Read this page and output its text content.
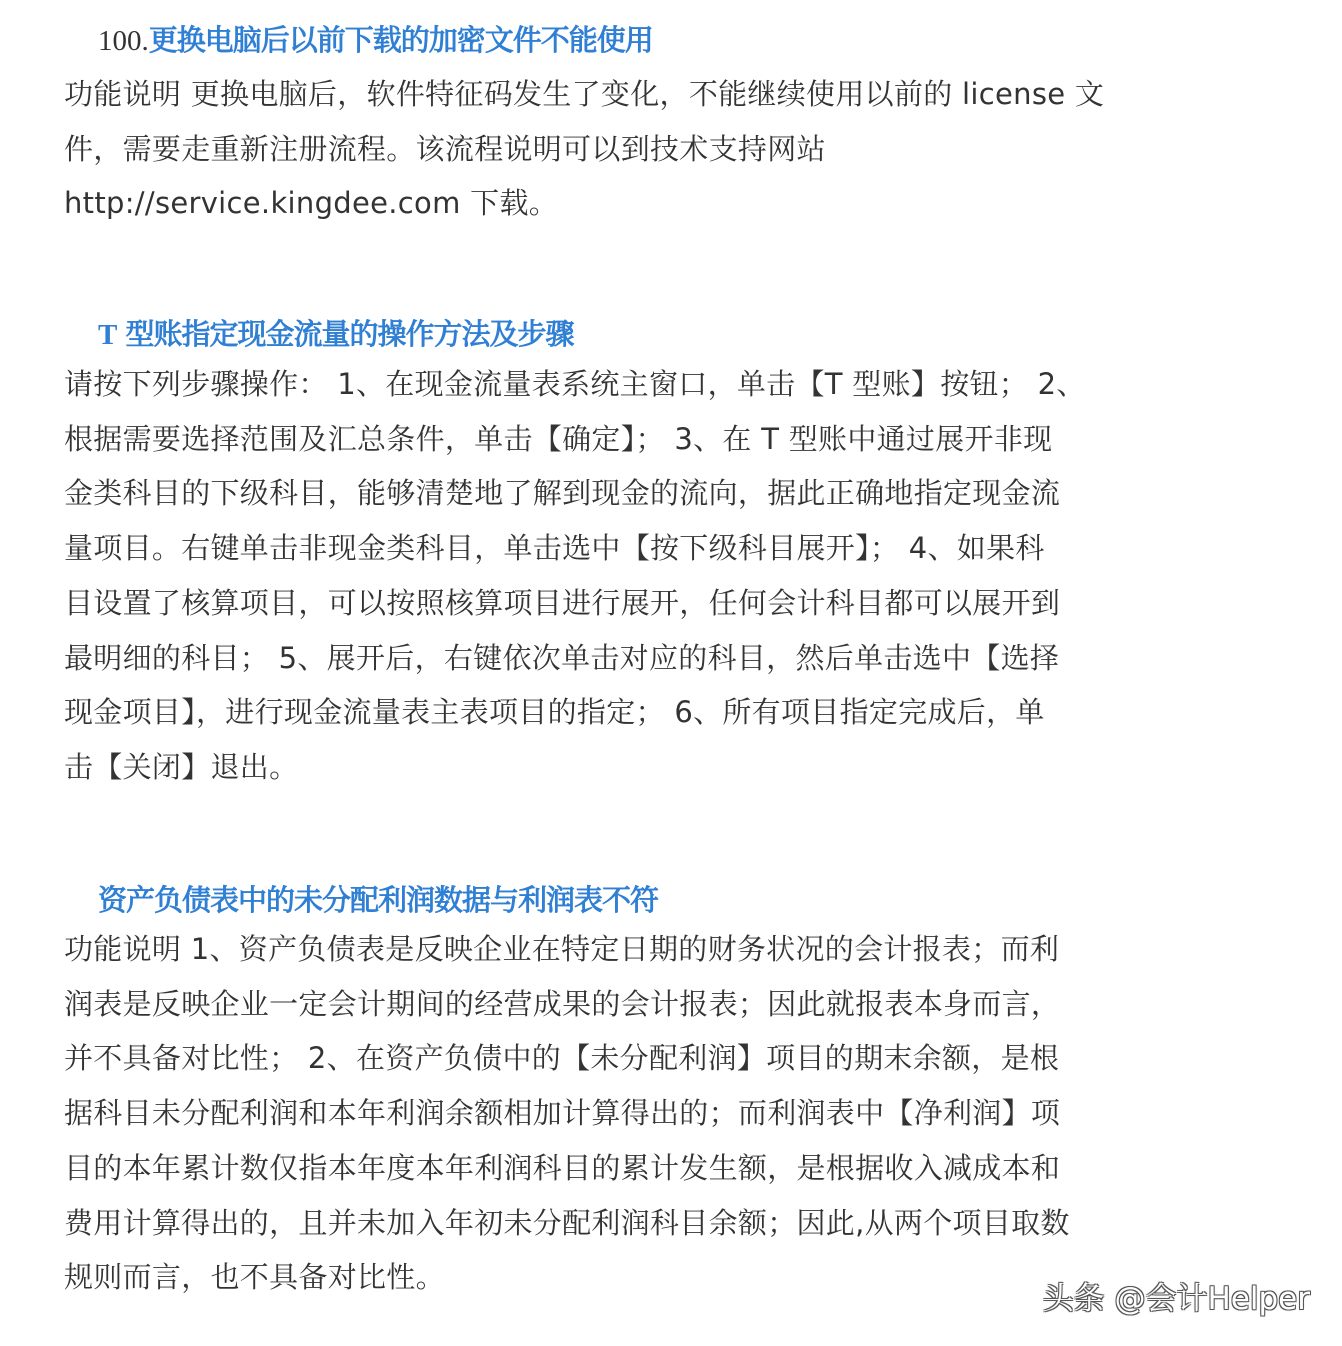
100.更换电脑后以前下载的加密文件不能使用

功能说明 更换电脑后，软件特征码发生了变化，不能继续使用以前的 license 文
件，需要走重新注册流程。该流程说明可以到技术支持网站
http://service.kingdee.com 下载。

T 型账指定现金流量的操作方法及步骤

请按下列步骤操作： 1、在现金流量表系统主窗口，单击【T 型账】按钮； 2、
根据需要选择范围及汇总条件，单击【确定】； 3、在 T 型账中通过展开非现
金类科目的下级科目，能够清楚地了解到现金的流向，据此正确地指定现金流
量项目。右键单击非现金类科目，单击选中【按下级科目展开】； 4、如果科
目设置了核算项目，可以按照核算项目进行展开，任何会计科目都可以展开到
最明细的科目； 5、展开后，右键依次单击对应的科目，然后单击选中【选择
现金项目】，进行现金流量表主表项目的指定； 6、所有项目指定完成后，单
击【关闭】退出。

资产负债表中的未分配利润数据与利润表不符

功能说明 1、资产负债表是反映企业在特定日期的财务状况的会计报表；而利
润表是反映企业一定会计期间的经营成果的会计报表；因此就报表本身而言，
并不具备对比性； 2、在资产负债中的【未分配利润】项目的期末余额，是根
据科目未分配利润和本年利润余额相加计算得出的；而利润表中【净利润】项
目的本年累计数仅指本年度本年利润科目的累计发生额，是根据收入减成本和
费用计算得出的，且并未加入年初未分配利润科目余额；因此,从两个项目取数
规则而言，也不具备对比性。

头条 @会计Helper
